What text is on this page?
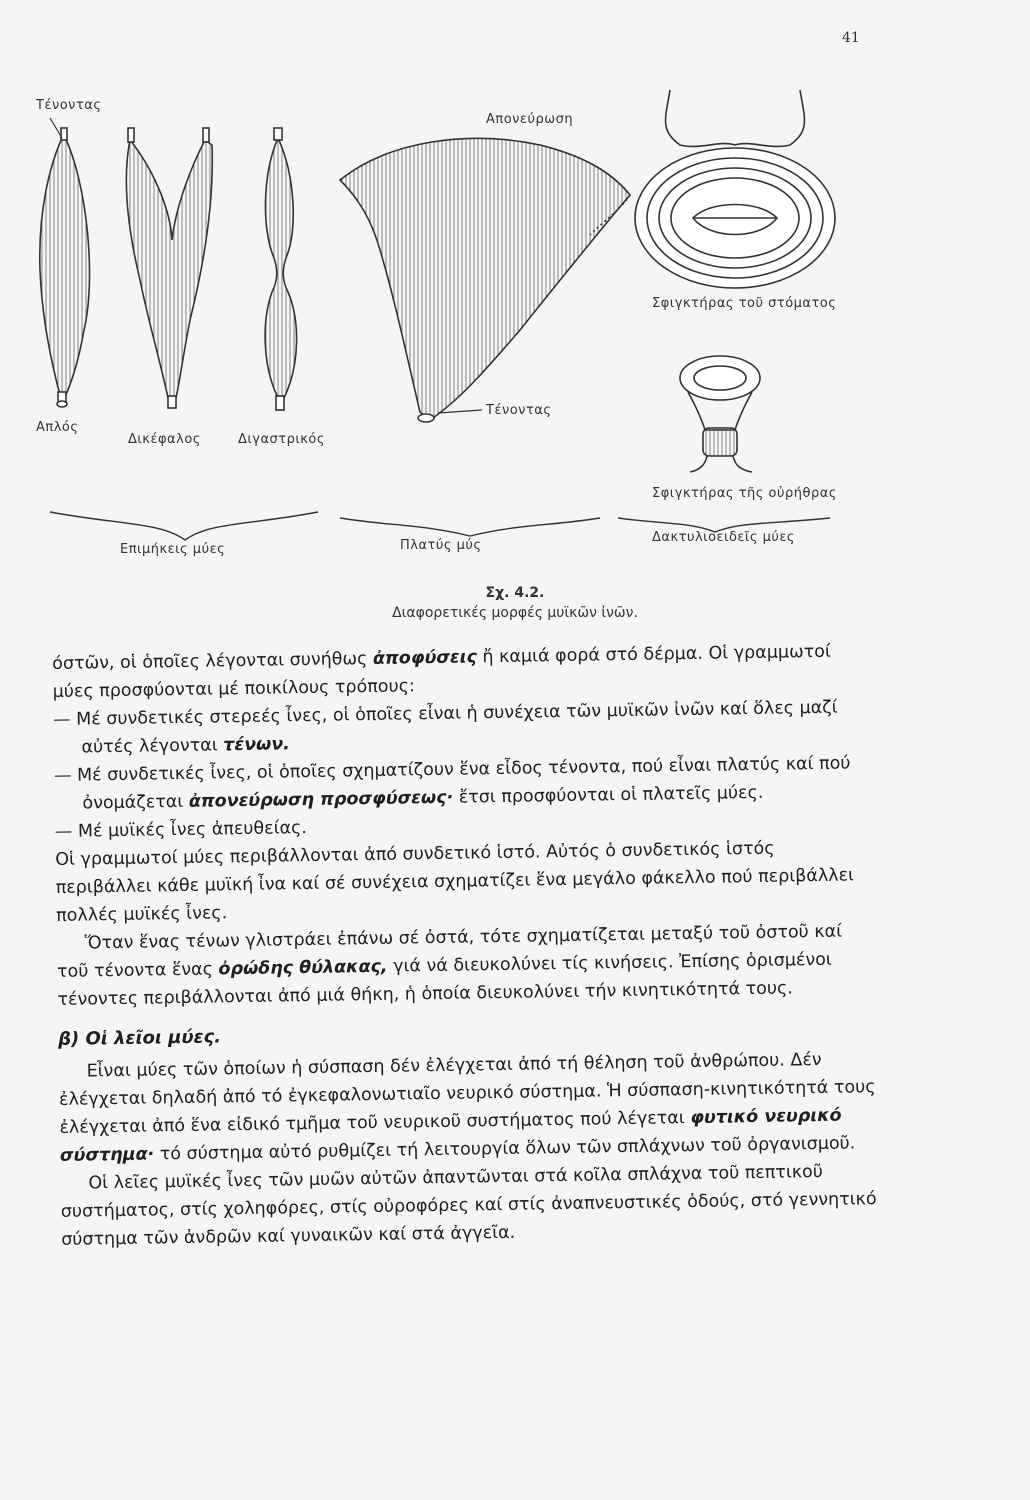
41
Τένοντας
Απονεύρωση
Σφιγκτήρας τοῦ στόματος
Τένοντας
Απλός
Δικέφαλος	Διγαστρικός
Σφιγκτήρας τῆς οὐρήθρας
Επιμήκεις μύες	Πλατύς μύς
Δακτυλιοειδεῖς μύες
Σχ. 4.2.
Διαφορετικές μορφές μυϊκῶν ἰνῶν.

όστῶν, οἱ ὁποῖες λέγονται συνήθως ἀποφύσεις ἤ καμιά φορά στό δέρμα. Οἱ γραμμωτοί μύες προσφύονται μέ ποικίλους τρόπους:

— Μέ συνδετικές στερεές ἶνες, οἱ ὁποῖες εἶναι ἡ συνέχεια τῶν μυϊκῶν ἰνῶν καί ὅλες μαζί αὐτές λέγονται τένων.

— Μέ συνδετικές ἶνες, οἱ ὁποῖες σχηματίζουν ἕνα εἶδος τένοντα, πού εἶναι πλατύς καί πού ὀνομάζεται ἀπονεύρωση προσφύσεως· ἔτσι προσφύονται οἱ πλατεῖς μύες.

— Μέ μυϊκές ἶνες ἀπευθείας.

Οἱ γραμμωτοί μύες περιβάλλονται ἀπό συνδετικό ἱστό. Αὐτός ὁ συνδετικός ἱστός περιβάλλει κάθε μυϊκή ἶνα καί σέ συνέχεια σχηματίζει ἕνα μεγάλο φάκελλο πού περιβάλλει πολλές μυϊκές ἶνες.

Ὅταν ἕνας τένων γλιστράει ἐπάνω σέ ὀστά, τότε σχηματίζεται μεταξύ τοῦ ὀστοῦ καί τοῦ τένοντα ἕνας ὀρώδης θύλακας, γιά νά διευκολύνει τίς κινήσεις. Ἐπίσης ὁρισμένοι τένοντες περιβάλλονται ἀπό μιά θήκη, ἡ ὁποία διευκολύνει τήν κινητικότητά τους.

β) Οἱ λεῖοι μύες.

Εἶναι μύες τῶν ὁποίων ἡ σύσπαση δέν ἐλέγχεται ἀπό τή θέληση τοῦ ἀνθρώπου. Δέν ἐλέγχεται δηλαδή ἀπό τό ἐγκεφαλονωτιαῖο νευρικό σύστημα. Ἡ σύσπαση-κινητικότητά τους ἐλέγχεται ἀπό ἕνα εἰδικό τμῆμα τοῦ νευρικοῦ συστήματος πού λέγεται φυτικό νευρικό σύστημα· τό σύστημα αὐτό ρυθμίζει τή λειτουργία ὅλων τῶν σπλάχνων τοῦ ὀργανισμοῦ.

Οἱ λεῖες μυϊκές ἶνες τῶν μυῶν αὐτῶν ἀπαντῶνται στά κοῖλα σπλάχνα τοῦ πεπτικοῦ συστήματος, στίς χοληφόρες, στίς οὐροφόρες καί στίς ἀναπνευστικές ὁδούς, στό γεννητικό σύστημα τῶν ἀνδρῶν καί γυναικῶν καί στά ἀγγεῖα.
